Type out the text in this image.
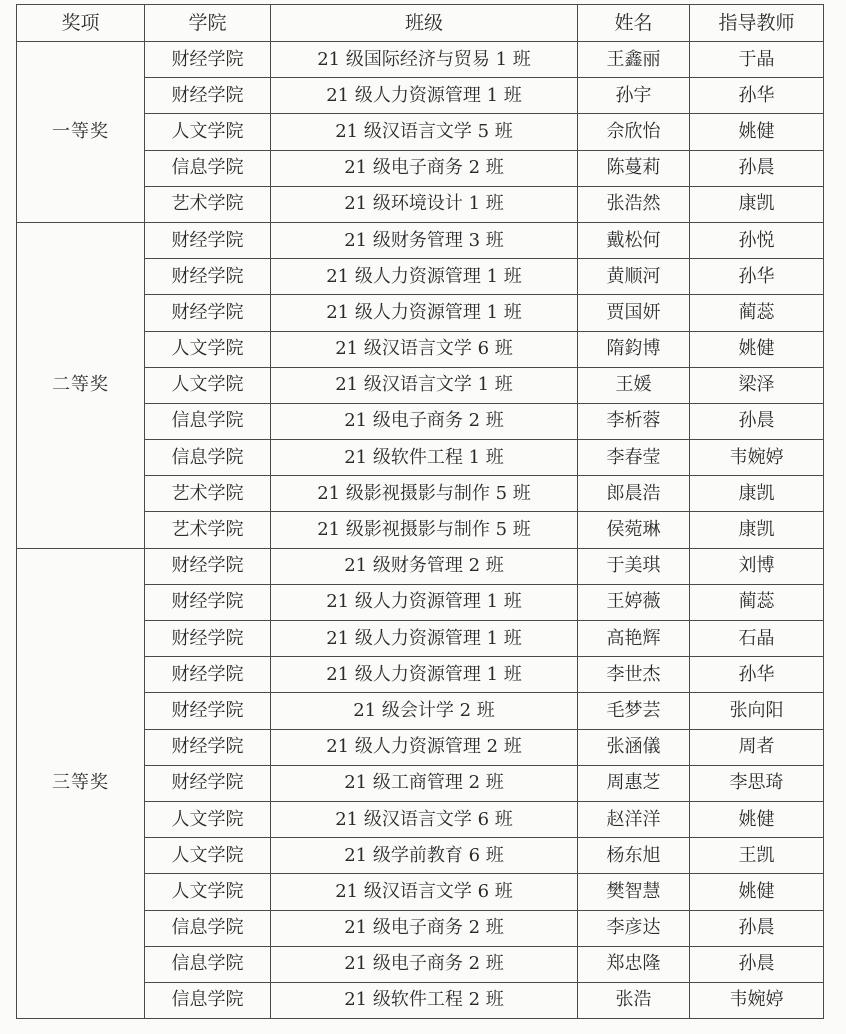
奖项	学院	班级	姓名	指导教师
一等奖	财经学院	21 级国际经济与贸易 1 班	王鑫丽	于晶
	财经学院	21 级人力资源管理 1 班	孙宇	孙华
	人文学院	21 级汉语言文学 5 班	佘欣怡	姚健
	信息学院	21 级电子商务 2 班	陈蔓莉	孙晨
	艺术学院	21 级环境设计 1 班	张浩然	康凯
二等奖	财经学院	21 级财务管理 3 班	戴松何	孙悦
	财经学院	21 级人力资源管理 1 班	黄顺河	孙华
	财经学院	21 级人力资源管理 1 班	贾国妍	蔺蕊
	人文学院	21 级汉语言文学 6 班	隋鈞博	姚健
	人文学院	21 级汉语言文学 1 班	王媛	梁泽
	信息学院	21 级电子商务 2 班	李析蓉	孙晨
	信息学院	21 级软件工程 1 班	李春莹	韦婉婷
	艺术学院	21 级影视摄影与制作 5 班	郎晨浩	康凯
	艺术学院	21 级影视摄影与制作 5 班	侯菀琳	康凯
三等奖	财经学院	21 级财务管理 2 班	于美琪	刘博
	财经学院	21 级人力资源管理 1 班	王婷薇	蔺蕊
	财经学院	21 级人力资源管理 1 班	高艳辉	石晶
	财经学院	21 级人力资源管理 1 班	李世杰	孙华
	财经学院	21 级会计学 2 班	毛梦芸	张向阳
	财经学院	21 级人力资源管理 2 班	张涵儀	周者
	财经学院	21 级工商管理 2 班	周惠芝	李思琦
	人文学院	21 级汉语言文学 6 班	赵洋洋	姚健
	人文学院	21 级学前教育 6 班	杨东旭	王凯
	人文学院	21 级汉语言文学 6 班	樊智慧	姚健
	信息学院	21 级电子商务 2 班	李彦达	孙晨
	信息学院	21 级电子商务 2 班	郑忠隆	孙晨
	信息学院	21 级软件工程 2 班	张浩	韦婉婷
